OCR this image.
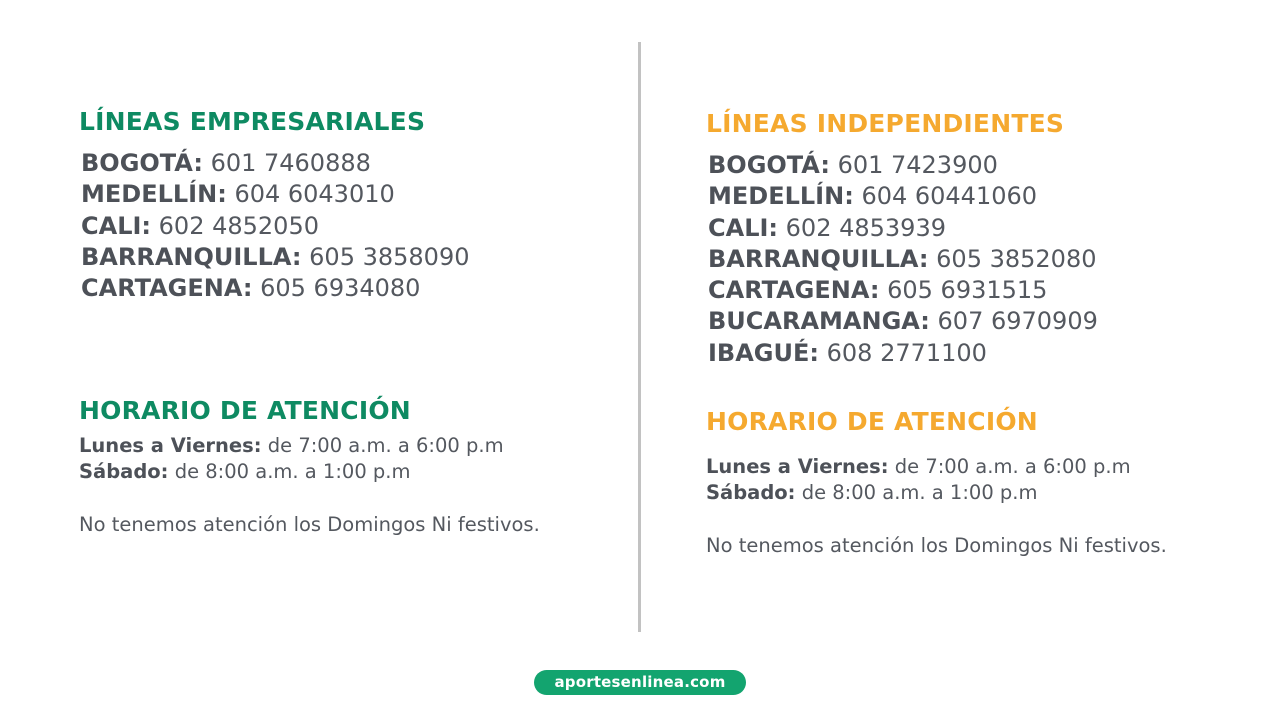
LÍNEAS EMPRESARIALES
BOGOTÁ: 601 7460888
MEDELLÍN: 604 6043010
CALI: 602 4852050
BARRANQUILLA: 605 3858090
CARTAGENA: 605 6934080
HORARIO DE ATENCIÓN
Lunes a Viernes: de 7:00 a.m. a 6:00 p.m
Sábado: de 8:00 a.m. a 1:00 p.m

No tenemos atención los Domingos Ni festivos.

LÍNEAS INDEPENDIENTES
BOGOTÁ: 601 7423900
MEDELLÍN: 604 60441060
CALI: 602 4853939
BARRANQUILLA: 605 3852080
CARTAGENA: 605 6931515
BUCARAMANGA: 607 6970909
IBAGUÉ: 608 2771100
HORARIO DE ATENCIÓN
Lunes a Viernes: de 7:00 a.m. a 6:00 p.m
Sábado: de 8:00 a.m. a 1:00 p.m

No tenemos atención los Domingos Ni festivos.

aportesenlinea.com
